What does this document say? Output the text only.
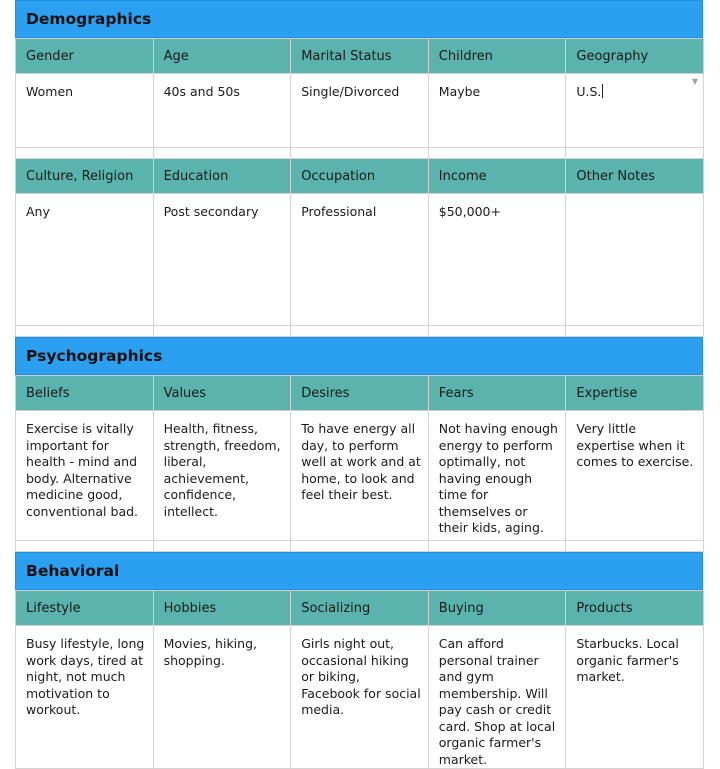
Demographics
Gender	Age	Marital Status	Children	Geography
Women	40s and 50s	Single/Divorced	Maybe	U.S.
▼

Culture, Religion	Education	Occupation	Income	Other Notes
Any	Post secondary	Professional	$50,000+	

Psychographics
Beliefs	Values	Desires	Fears	Expertise
Exercise is vitally important for health - mind and body. Alternative medicine good, conventional bad.	Health, fitness, strength, freedom, liberal, achievement, confidence, intellect.	To have energy all day, to perform well at work and at home, to look and feel their best.	Not having enough energy to perform optimally, not having enough time for themselves or their kids, aging.	Very little expertise when it comes to exercise.

Behavioral
Lifestyle	Hobbies	Socializing	Buying	Products
Busy lifestyle, long work days, tired at night, not much motivation to workout.	Movies, hiking, shopping.	Girls night out, occasional hiking or biking, Facebook for social media.	Can afford personal trainer and gym membership. Will pay cash or credit card. Shop at local organic farmer's market.	Starbucks. Local organic farmer's market.
